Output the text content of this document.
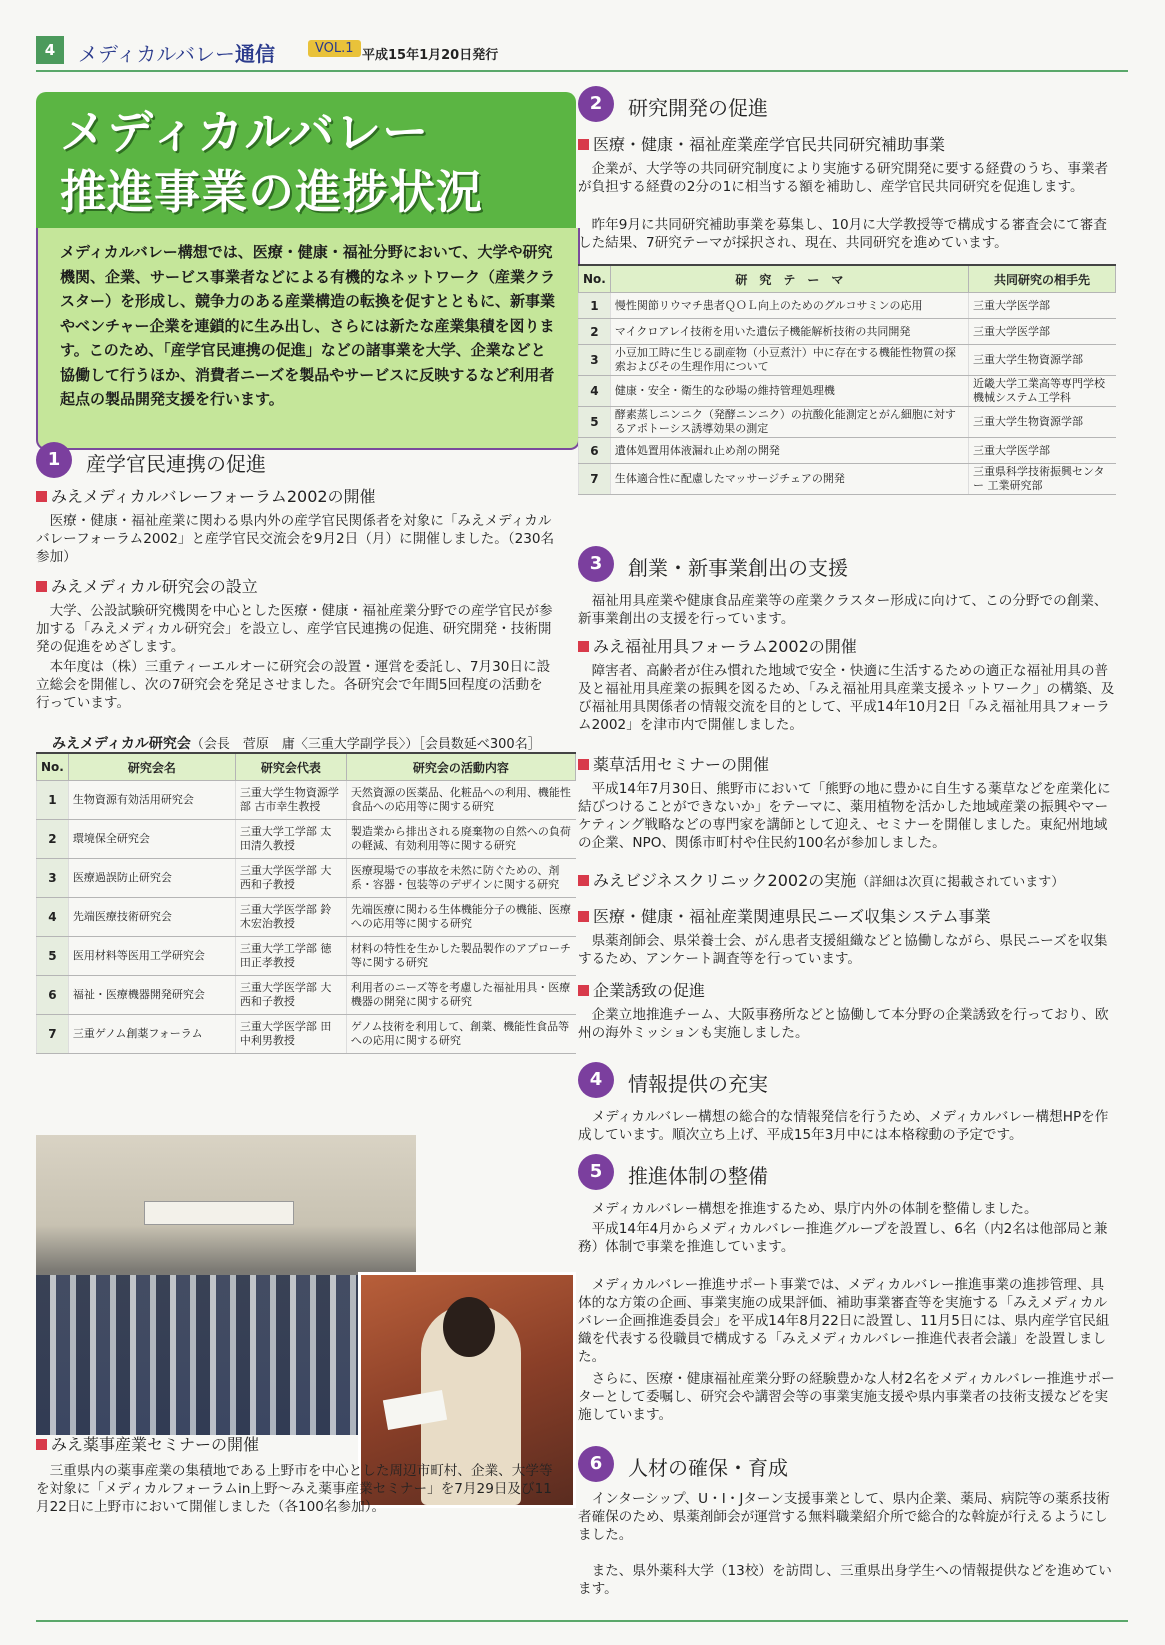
4	メディカルバレー通信	VOL.1 平成15年1月20日発行
メディカルバレー
推進事業の進捗状況
メディカルバレー構想では、医療・健康・福祉分野において、大学や研究機関、企業、サービス事業者などによる有機的なネットワーク（産業クラスター）を形成し、競争力のある産業構造の転換を促すとともに、新事業やベンチャー企業を連鎖的に生み出し、さらには新たな産業集積を図ります。このため、「産学官民連携の促進」などの諸事業を大学、企業などと協働して行うほか、消費者ニーズを製品やサービスに反映するなど利用者起点の製品開発支援を行います。
1	産学官民連携の促進
みえメディカルバレーフォーラム2002の開催
医療・健康・福祉産業に関わる県内外の産学官民関係者を対象に「みえメディカルバレーフォーラム2002」と産学官民交流会を9月2日（月）に開催しました。（230名参加）
みえメディカル研究会の設立
大学、公設試験研究機関を中心とした医療・健康・福祉産業分野での産学官民が参加する「みえメディカル研究会」を設立し、産学官民連携の促進、研究開発・技術開発の促進をめざします。
本年度は（株）三重ティーエルオーに研究会の設置・運営を委託し、7月30日に設立総会を開催し、次の7研究会を発足させました。各研究会で年間5回程度の活動を行っています。
みえメディカル研究会（会長　菅原　庸〈三重大学副学長〉）［会員数延べ300名］
No.	研究会名	研究会代表	研究会の活動内容
1	生物資源有効活用研究会	三重大学生物資源学部 古市幸生教授	天然資源の医薬品、化粧品への利用、機能性食品への応用等に関する研究
2	環境保全研究会	三重大学工学部 太田清久教授	製造業から排出される廃棄物の自然への負荷の軽減、有効利用等に関する研究
3	医療過誤防止研究会	三重大学医学部 大西和子教授	医療現場での事故を未然に防ぐための、剤系・容器・包装等のデザインに関する研究
4	先端医療技術研究会	三重大学医学部 鈴木宏治教授	先端医療に関わる生体機能分子の機能、医療への応用等に関する研究
5	医用材料等医用工学研究会	三重大学工学部 徳田正孝教授	材料の特性を生かした製品製作のアプローチ等に関する研究
6	福祉・医療機器開発研究会	三重大学医学部 大西和子教授	利用者のニーズ等を考慮した福祉用具・医療機器の開発に関する研究
7	三重ゲノム創薬フォーラム	三重大学医学部 田中利男教授	ゲノム技術を利用して、創薬、機能性食品等への応用に関する研究
みえ薬事産業セミナーの開催
三重県内の薬事産業の集積地である上野市を中心とした周辺市町村、企業、大学等を対象に「メディカルフォーラムin上野～みえ薬事産業セミナー」を7月29日及び11月22日に上野市において開催しました（各100名参加）。
2	研究開発の促進
医療・健康・福祉産業産学官民共同研究補助事業
企業が、大学等の共同研究制度により実施する研究開発に要する経費のうち、事業者が負担する経費の2分の1に相当する額を補助し、産学官民共同研究を促進します。
昨年9月に共同研究補助事業を募集し、10月に大学教授等で構成する審査会にて審査した結果、7研究テーマが採択され、現在、共同研究を進めています。
No.	研　究　テ　ー　マ	共同研究の相手先
1	慢性関節リウマチ患者ＱＯＬ向上のためのグルコサミンの応用	三重大学医学部
2	マイクロアレイ技術を用いた遺伝子機能解析技術の共同開発	三重大学医学部
3	小豆加工時に生じる副産物（小豆煮汁）中に存在する機能性物質の探索およびその生理作用について	三重大学生物資源学部
4	健康・安全・衛生的な砂場の維持管理処理機	近畿大学工業高等専門学校 機械システム工学科
5	酵素蒸しニンニク（発酵ニンニク）の抗酸化能測定とがん細胞に対するアポトーシス誘導効果の測定	三重大学生物資源学部
6	遺体処置用体液漏れ止め剤の開発	三重大学医学部
7	生体適合性に配慮したマッサージチェアの開発	三重県科学技術振興センター 工業研究部
3	創業・新事業創出の支援
福祉用具産業や健康食品産業等の産業クラスター形成に向けて、この分野での創業、新事業創出の支援を行っています。
みえ福祉用具フォーラム2002の開催
障害者、高齢者が住み慣れた地域で安全・快適に生活するための適正な福祉用具の普及と福祉用具産業の振興を図るため、「みえ福祉用具産業支援ネットワーク」の構築、及び福祉用具関係者の情報交流を目的として、平成14年10月2日「みえ福祉用具フォーラム2002」を津市内で開催しました。
薬草活用セミナーの開催
平成14年7月30日、熊野市において「熊野の地に豊かに自生する薬草などを産業化に結びつけることができないか」をテーマに、薬用植物を活かした地域産業の振興やマーケティング戦略などの専門家を講師として迎え、セミナーを開催しました。東紀州地域の企業、NPO、関係市町村や住民約100名が参加しました。
みえビジネスクリニック2002の実施（詳細は次頁に掲載されています）
医療・健康・福祉産業関連県民ニーズ収集システム事業
県薬剤師会、県栄養士会、がん患者支援組織などと協働しながら、県民ニーズを収集するため、アンケート調査等を行っています。
企業誘致の促進
企業立地推進チーム、大阪事務所などと協働して本分野の企業誘致を行っており、欧州の海外ミッションも実施しました。
4	情報提供の充実
メディカルバレー構想の総合的な情報発信を行うため、メディカルバレー構想HPを作成しています。順次立ち上げ、平成15年3月中には本格稼動の予定です。
5	推進体制の整備
メディカルバレー構想を推進するため、県庁内外の体制を整備しました。
平成14年4月からメディカルバレー推進グループを設置し、6名（内2名は他部局と兼務）体制で事業を推進しています。
メディカルバレー推進サポート事業では、メディカルバレー推進事業の進捗管理、具体的な方策の企画、事業実施の成果評価、補助事業審査等を実施する「みえメディカルバレー企画推進委員会」を平成14年8月22日に設置し、11月5日には、県内産学官民組織を代表する役職員で構成する「みえメディカルバレー推進代表者会議」を設置しました。
さらに、医療・健康福祉産業分野の経験豊かな人材2名をメディカルバレー推進サポーターとして委嘱し、研究会や講習会等の事業実施支援や県内事業者の技術支援などを実施しています。
6	人材の確保・育成
インターシップ、U・I・Jターン支援事業として、県内企業、薬局、病院等の薬系技術者確保のため、県薬剤師会が運営する無料職業紹介所で総合的な斡旋が行えるようにしました。
また、県外薬科大学（13校）を訪問し、三重県出身学生への情報提供などを進めています。
